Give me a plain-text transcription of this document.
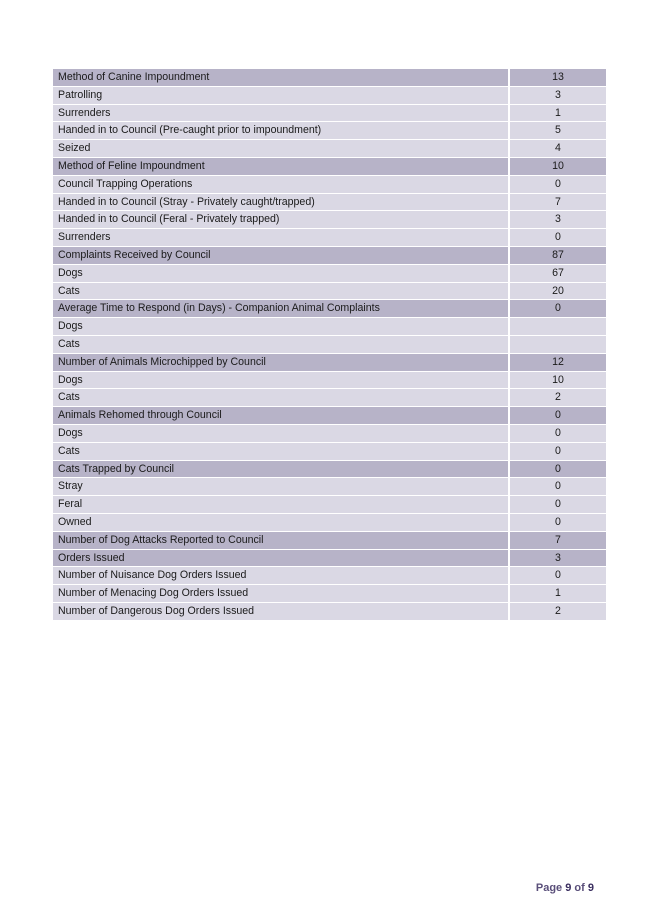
Method of Canine Impoundment	13
Patrolling	3
Surrenders	1
Handed in to Council (Pre-caught prior to impoundment)	5
Seized	4
Method of Feline Impoundment	10
Council Trapping Operations	0
Handed in to Council (Stray - Privately caught/trapped)	7
Handed in to Council (Feral - Privately trapped)	3
Surrenders	0
Complaints Received by Council	87
Dogs	67
Cats	20
Average Time to Respond (in Days) - Companion Animal Complaints	0
Dogs	
Cats	
Number of Animals Microchipped by Council	12
Dogs	10
Cats	2
Animals Rehomed through Council	0
Dogs	0
Cats	0
Cats Trapped by Council	0
Stray	0
Feral	0
Owned	0
Number of Dog Attacks Reported to Council	7
Orders Issued	3
Number of Nuisance Dog Orders Issued	0
Number of Menacing Dog Orders Issued	1
Number of Dangerous Dog Orders Issued	2
Page 9 of 9
